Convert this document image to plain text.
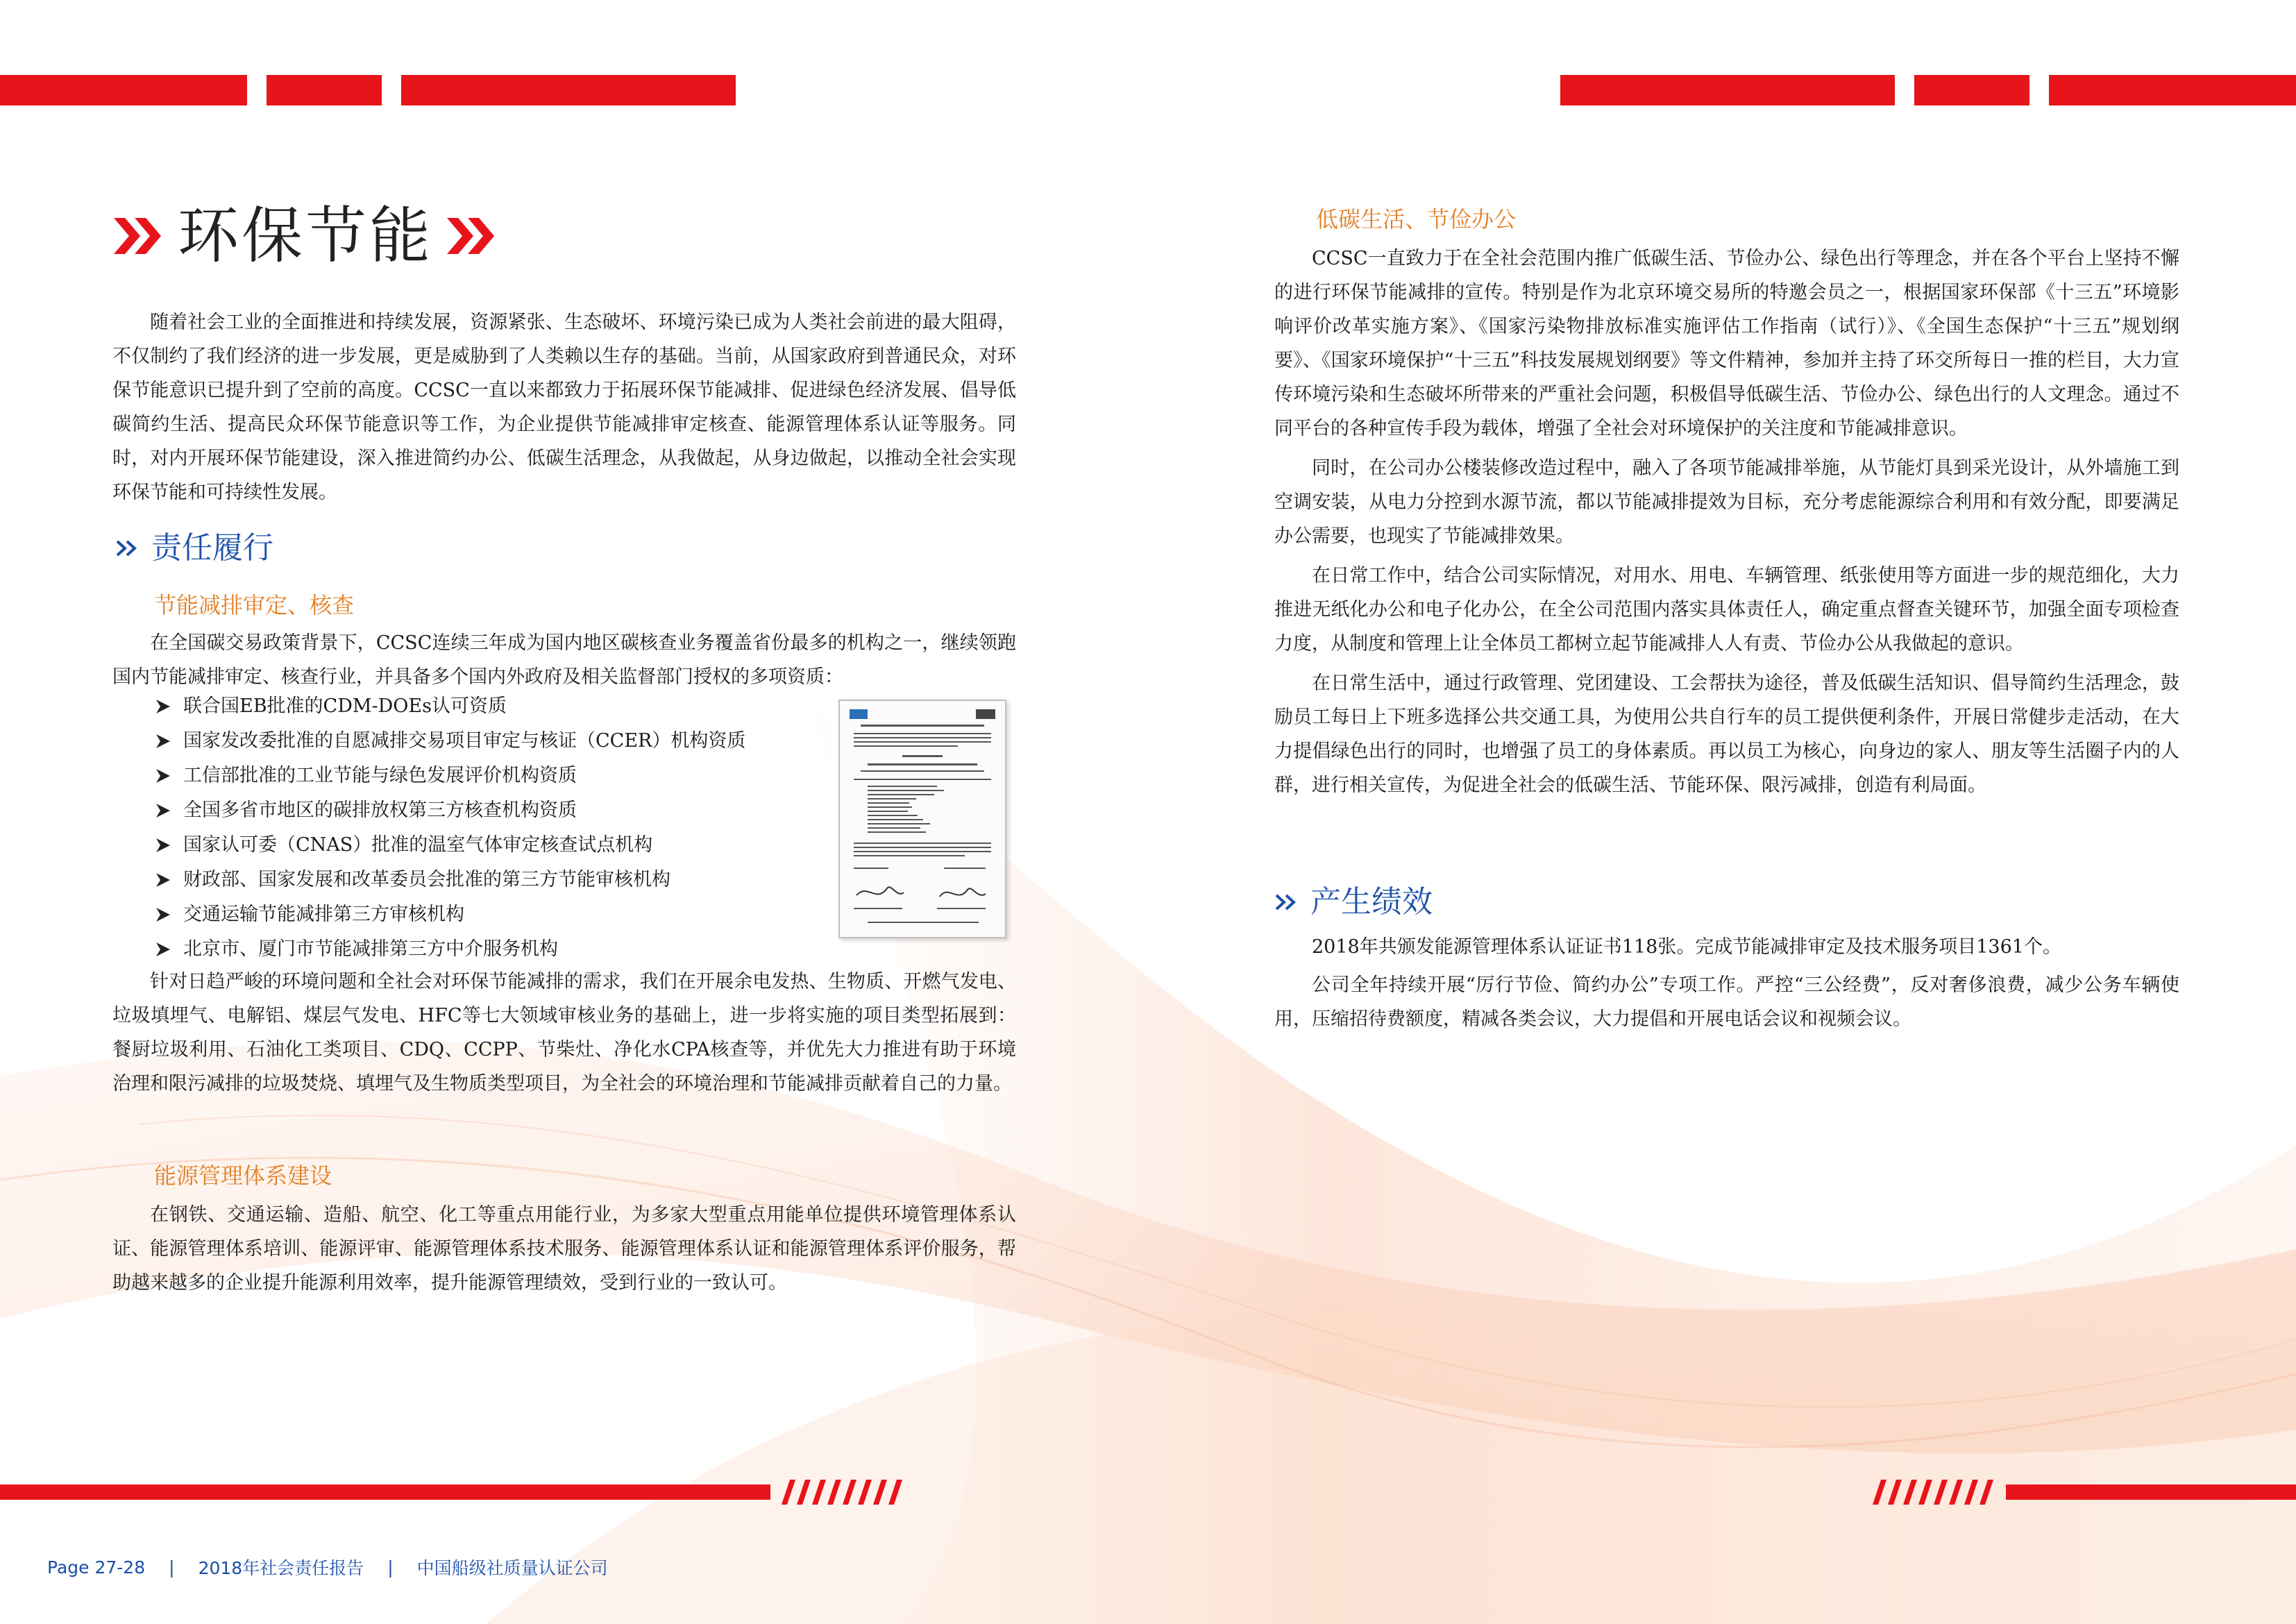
环保节能

随着社会工业的全面推进和持续发展，资源紧张、生态破坏、环境污染已成为人类社会前进的最大阻碍，不仅制约了我们经济的进一步发展，更是威胁到了人类赖以生存的基础。当前，从国家政府到普通民众，对环保节能意识已提升到了空前的高度。CCSC一直以来都致力于拓展环保节能减排、促进绿色经济发展、倡导低碳简约生活、提高民众环保节能意识等工作，为企业提供节能减排审定核查、能源管理体系认证等服务。同时，对内开展环保节能建设，深入推进简约办公、低碳生活理念，从我做起，从身边做起，以推动全社会实现环保节能和可持续性发展。

责任履行
节能减排审定、核查

在全国碳交易政策背景下，CCSC连续三年成为国内地区碳核查业务覆盖省份最多的机构之一，继续领跑国内节能减排审定、核查行业，并具备多个国内外政府及相关监督部门授权的多项资质：

联合国EB批准的CDM-DOEs认可资质
国家发改委批准的自愿减排交易项目审定与核证（CCER）机构资质
工信部批准的工业节能与绿色发展评价机构资质
全国多省市地区的碳排放权第三方核查机构资质
国家认可委（CNAS）批准的温室气体审定核查试点机构
财政部、国家发展和改革委员会批准的第三方节能审核机构
交通运输节能减排第三方审核机构
北京市、厦门市节能减排第三方中介服务机构

针对日趋严峻的环境问题和全社会对环保节能减排的需求，我们在开展余电发热、生物质、开燃气发电、垃圾填埋气、电解铝、煤层气发电、HFC等七大领域审核业务的基础上，进一步将实施的项目类型拓展到：餐厨垃圾利用、石油化工类项目、CDQ、CCPP、节柴灶、净化水CPA核查等，并优先大力推进有助于环境治理和限污减排的垃圾焚烧、填埋气及生物质类型项目，为全社会的环境治理和节能减排贡献着自己的力量。

能源管理体系建设

在钢铁、交通运输、造船、航空、化工等重点用能行业，为多家大型重点用能单位提供环境管理体系认证、能源管理体系培训、能源评审、能源管理体系技术服务、能源管理体系认证和能源管理体系评价服务，帮助越来越多的企业提升能源利用效率，提升能源管理绩效，受到行业的一致认可。

低碳生活、节俭办公

CCSC一直致力于在全社会范围内推广低碳生活、节俭办公、绿色出行等理念，并在各个平台上坚持不懈的进行环保节能减排的宣传。特别是作为北京环境交易所的特邀会员之一，根据国家环保部《十三五”环境影响评价改革实施方案》、《国家污染物排放标准实施评估工作指南（试行）》、《全国生态保护“十三五”规划纲要》、《国家环境保护“十三五”科技发展规划纲要》等文件精神，参加并主持了环交所每日一推的栏目，大力宣传环境污染和生态破坏所带来的严重社会问题，积极倡导低碳生活、节俭办公、绿色出行的人文理念。通过不同平台的各种宣传手段为载体，增强了全社会对环境保护的关注度和节能减排意识。

同时，在公司办公楼装修改造过程中，融入了各项节能减排举施，从节能灯具到采光设计，从外墙施工到空调安装，从电力分控到水源节流，都以节能减排提效为目标，充分考虑能源综合利用和有效分配，即要满足办公需要，也现实了节能减排效果。

在日常工作中，结合公司实际情况，对用水、用电、车辆管理、纸张使用等方面进一步的规范细化，大力推进无纸化办公和电子化办公，在全公司范围内落实具体责任人，确定重点督查关键环节，加强全面专项检查力度，从制度和管理上让全体员工都树立起节能减排人人有责、节俭办公从我做起的意识。

在日常生活中，通过行政管理、党团建设、工会帮扶为途径，普及低碳生活知识、倡导简约生活理念，鼓励员工每日上下班多选择公共交通工具，为使用公共自行车的员工提供便利条件，开展日常健步走活动，在大力提倡绿色出行的同时，也增强了员工的身体素质。再以员工为核心，向身边的家人、朋友等生活圈子内的人群，进行相关宣传，为促进全社会的低碳生活、节能环保、限污减排，创造有利局面。

产生绩效

2018年共颁发能源管理体系认证证书118张。完成节能减排审定及技术服务项目1361个。

公司全年持续开展“厉行节俭、简约办公”专项工作。严控“三公经费”，反对奢侈浪费，减少公务车辆使用，压缩招待费额度，精减各类会议，大力提倡和开展电话会议和视频会议。

Page 27-28 | 2018年社会责任报告 | 中国船级社质量认证公司
